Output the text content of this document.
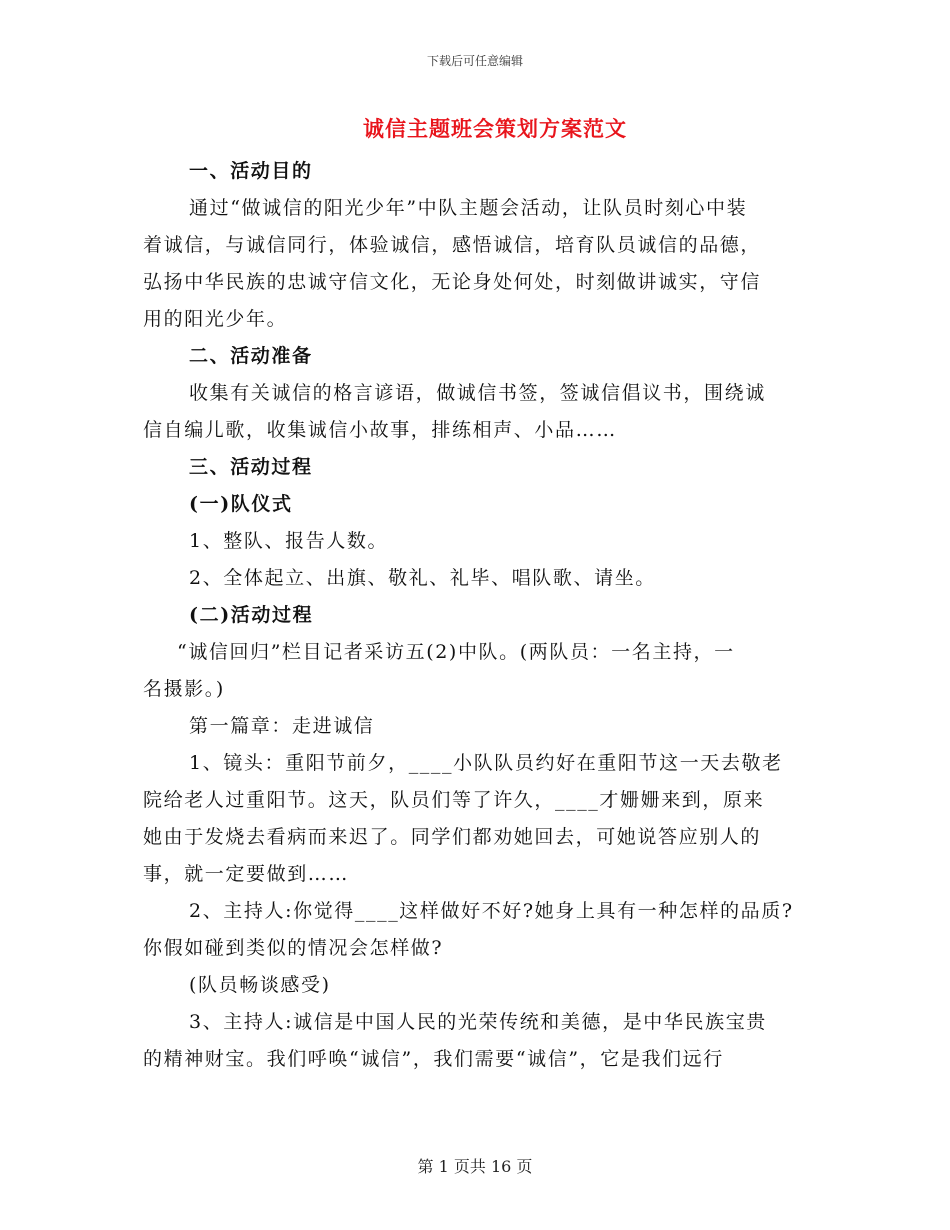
下载后可任意编辑
诚信主题班会策划方案范文
一、活动目的
通过“做诚信的阳光少年”中队主题会活动，让队员时刻心中装
着诚信，与诚信同行，体验诚信，感悟诚信，培育队员诚信的品德，
弘扬中华民族的忠诚守信文化，无论身处何处，时刻做讲诚实，守信
用的阳光少年。
二、活动准备
收集有关诚信的格言谚语，做诚信书签，签诚信倡议书，围绕诚
信自编儿歌，收集诚信小故事，排练相声、小品……
三、活动过程
(一)队仪式
1、整队、报告人数。
2、全体起立、出旗、敬礼、礼毕、唱队歌、请坐。
(二)活动过程
“诚信回归”栏目记者采访五(2)中队。(两队员：一名主持，一
名摄影。)
第一篇章：走进诚信
1、镜头：重阳节前夕，____小队队员约好在重阳节这一天去敬老
院给老人过重阳节。这天，队员们等了许久，____才姗姗来到，原来
她由于发烧去看病而来迟了。同学们都劝她回去，可她说答应别人的
事，就一定要做到……
2、主持人:你觉得____这样做好不好?她身上具有一种怎样的品质?
你假如碰到类似的情况会怎样做?
(队员畅谈感受)
3、主持人:诚信是中国人民的光荣传统和美德，是中华民族宝贵
的精神财宝。我们呼唤“诚信”，我们需要“诚信”，它是我们远行
第 1 页共 16 页
